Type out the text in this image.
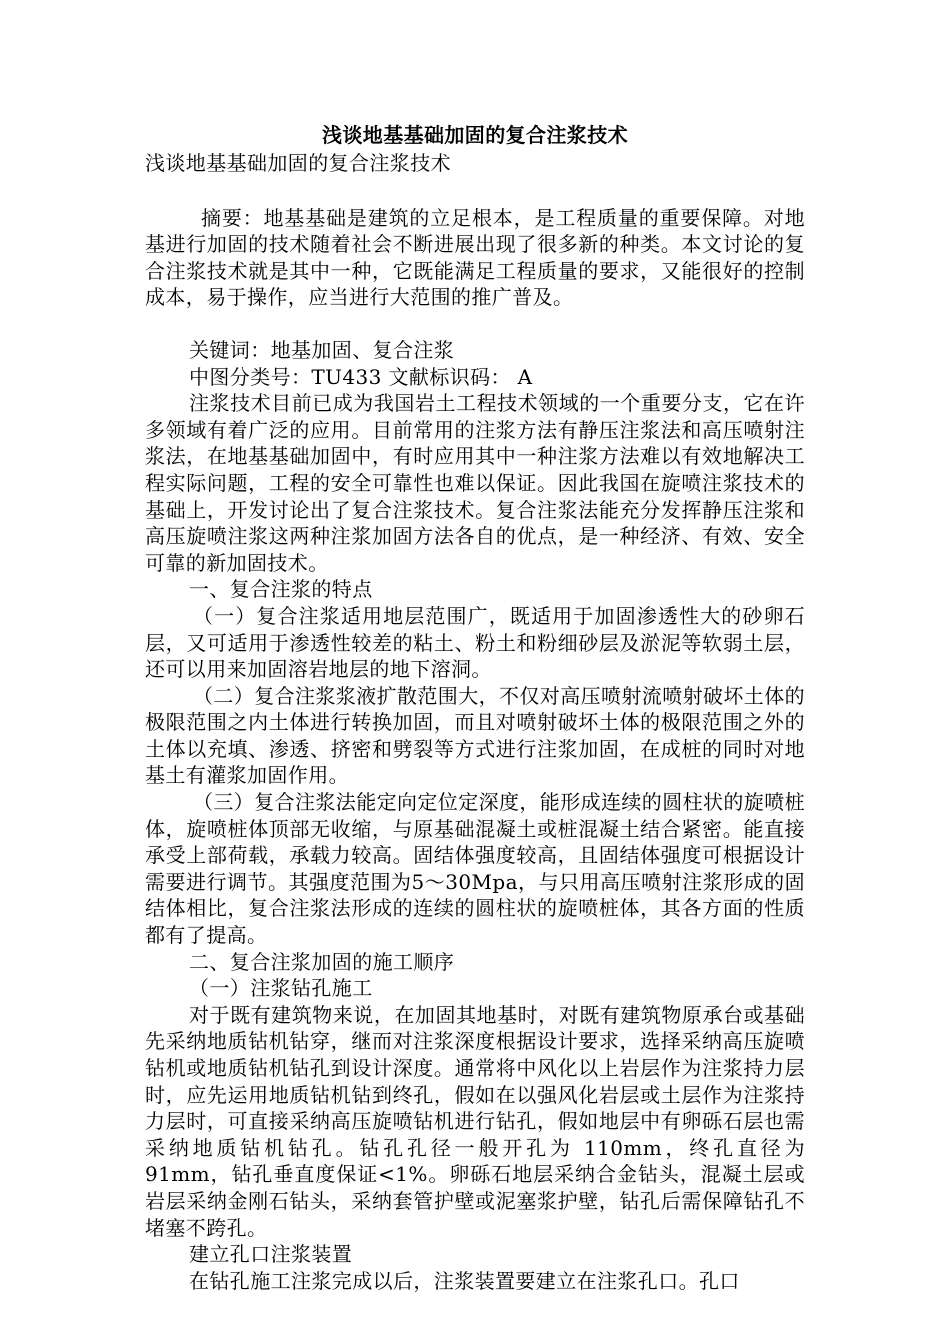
浅谈地基基础加固的复合注浆技术
浅谈地基基础加固的复合注浆技术

摘要：地基基础是建筑的立足根本，是工程质量的重要保障。对地基进行加固的技术随着社会不断进展出现了很多新的种类。本文讨论的复合注浆技术就是其中一种，它既能满足工程质量的要求，又能很好的控制成本，易于操作，应当进行大范围的推广普及。

关键词：地基加固、复合注浆

中图分类号：TU433 文献标识码： A

注浆技术目前已成为我国岩土工程技术领域的一个重要分支，它在许多领域有着广泛的应用。目前常用的注浆方法有静压注浆法和高压喷射注浆法，在地基基础加固中，有时应用其中一种注浆方法难以有效地解决工程实际问题，工程的安全可靠性也难以保证。因此我国在旋喷注浆技术的基础上，开发讨论出了复合注浆技术。复合注浆法能充分发挥静压注浆和高压旋喷注浆这两种注浆加固方法各自的优点，是一种经济、有效、安全可靠的新加固技术。

一、复合注浆的特点

（一）复合注浆适用地层范围广，既适用于加固渗透性大的砂卵石层，又可适用于渗透性较差的粘土、粉土和粉细砂层及淤泥等软弱土层，还可以用来加固溶岩地层的地下溶洞。

（二）复合注浆浆液扩散范围大，不仅对高压喷射流喷射破坏土体的极限范围之内土体进行转换加固，而且对喷射破坏土体的极限范围之外的土体以充填、渗透、挤密和劈裂等方式进行注浆加固，在成桩的同时对地基土有灌浆加固作用。

（三）复合注浆法能定向定位定深度，能形成连续的圆柱状的旋喷桩体，旋喷桩体顶部无收缩，与原基础混凝土或桩混凝土结合紧密。能直接承受上部荷载，承载力较高。固结体强度较高，且固结体强度可根据设计需要进行调节。其强度范围为5～30Mpa，与只用高压喷射注浆形成的固结体相比，复合注浆法形成的连续的圆柱状的旋喷桩体，其各方面的性质都有了提高。

二、复合注浆加固的施工顺序

（一）注浆钻孔施工

对于既有建筑物来说，在加固其地基时，对既有建筑物原承台或基础先采纳地质钻机钻穿，继而对注浆深度根据设计要求，选择采纳高压旋喷钻机或地质钻机钻孔到设计深度。通常将中风化以上岩层作为注浆持力层时，应先运用地质钻机钻到终孔，假如在以强风化岩层或土层作为注浆持力层时，可直接采纳高压旋喷钻机进行钻孔，假如地层中有卵砾石层也需采纳地质钻机钻孔。钻孔孔径一般开孔为 110mm，终孔直径为 91mm，钻孔垂直度保证<1%。卵砾石地层采纳合金钻头，混凝土层或岩层采纳金刚石钻头，采纳套管护壁或泥塞浆护壁，钻孔后需保障钻孔不堵塞不跨孔。

建立孔口注浆装置

在钻孔施工注浆完成以后，注浆装置要建立在注浆孔口。孔口
